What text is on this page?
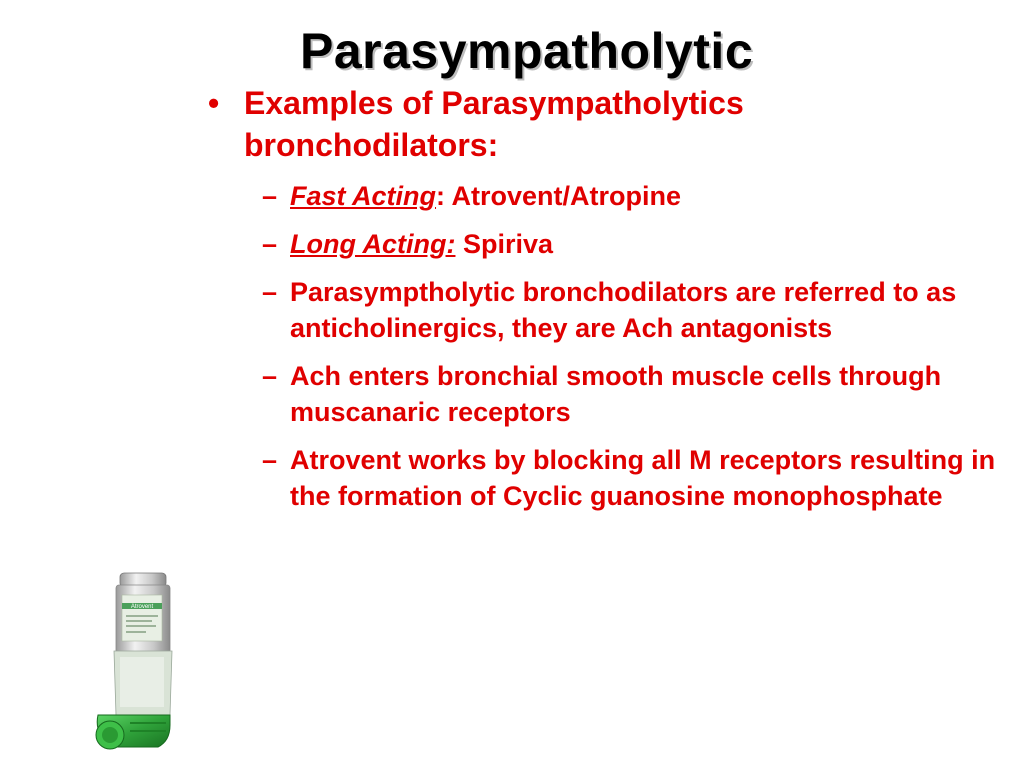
Parasympatholytic
• Examples of Parasympatholytics bronchodilators:
– Fast Acting: Atrovent/Atropine
– Long Acting: Spiriva
– Parasymptholytic bronchodilators are referred to as anticholinergics, they are Ach antagonists
– Ach enters bronchial smooth muscle cells through muscanaric receptors
– Atrovent works by blocking all M receptors resulting in the formation of Cyclic guanosine monophosphate
Atrovent
